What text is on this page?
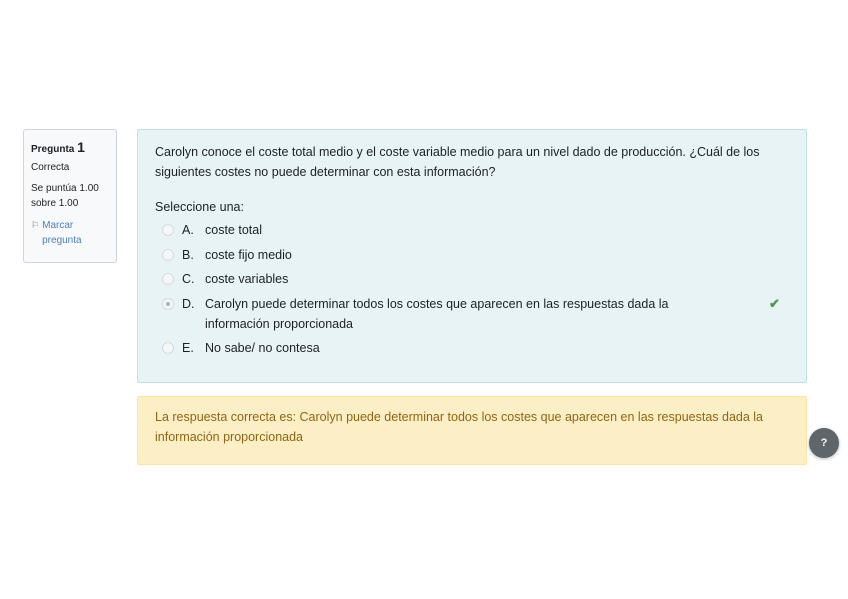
Pregunta 1
Correcta
Se puntúa 1.00 sobre 1.00
⚐ Marcar pregunta
Carolyn conoce el coste total medio y el coste variable medio para un nivel dado de producción. ¿Cuál de los siguientes costes no puede determinar con esta información?
Seleccione una:
A. coste total
B. coste fijo medio
C. coste variables
D. Carolyn puede determinar todos los costes que aparecen en las respuestas dada la información proporcionada
✔
E. No sabe/ no contesa
La respuesta correcta es: Carolyn puede determinar todos los costes que aparecen en las respuestas dada la información proporcionada	?
